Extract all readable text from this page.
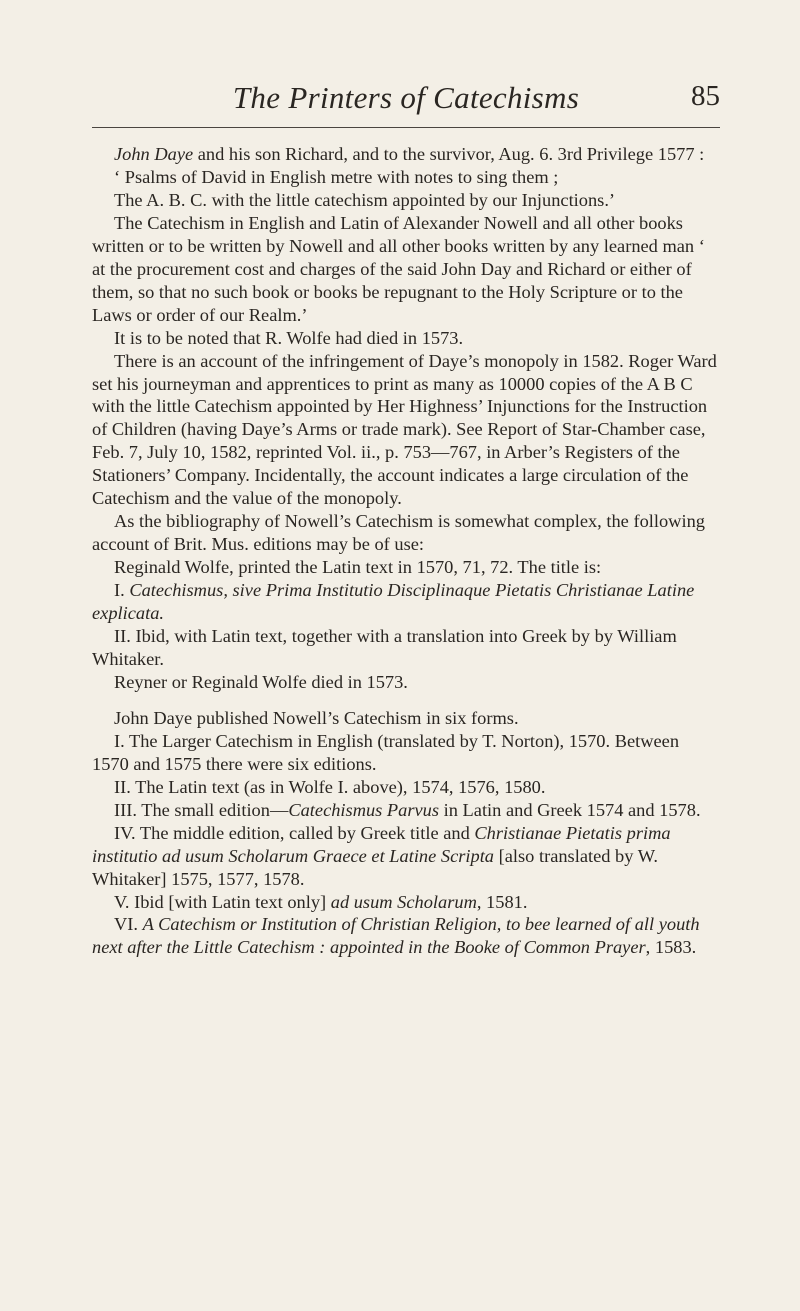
The Printers of Catechisms	85

John Daye and his son Richard, and to the survivor, Aug. 6. 3rd Privilege 1577 :

‘ Psalms of David in English metre with notes to sing them ;

The A. B. C. with the little catechism appointed by our Injunctions.’

The Catechism in English and Latin of Alexander Nowell and all other books written or to be written by Nowell and all other books written by any learned man ‘ at the procurement cost and charges of the said John Day and Richard or either of them, so that no such book or books be repugnant to the Holy Scripture or to the Laws or order of our Realm.’

It is to be noted that R. Wolfe had died in 1573.

There is an account of the infringement of Daye’s monopoly in 1582. Roger Ward set his journeyman and apprentices to print as many as 10000 copies of the A B C with the little Catechism appointed by Her Highness’ Injunctions for the Instruction of Children (having Daye’s Arms or trade mark). See Report of Star-Chamber case, Feb. 7, July 10, 1582, reprinted Vol. ii., p. 753—767, in Arber’s Registers of the Stationers’ Company. Incidentally, the account indicates a large circulation of the Catechism and the value of the monopoly.

As the bibliography of Nowell’s Catechism is somewhat complex, the following account of Brit. Mus. editions may be of use:

Reginald Wolfe, printed the Latin text in 1570, 71, 72. The title is:

I. Catechismus, sive Prima Institutio Disciplinaque Pietatis Christianae Latine explicata.

II. Ibid, with Latin text, together with a translation into Greek by by William Whitaker.

Reyner or Reginald Wolfe died in 1573.

John Daye published Nowell’s Catechism in six forms.

I. The Larger Catechism in English (translated by T. Norton), 1570. Between 1570 and 1575 there were six editions.

II. The Latin text (as in Wolfe I. above), 1574, 1576, 1580.

III. The small edition—Catechismus Parvus in Latin and Greek 1574 and 1578.

IV. The middle edition, called by Greek title and Christianae Pietatis prima institutio ad usum Scholarum Graece et Latine Scripta [also translated by W. Whitaker] 1575, 1577, 1578.

V. Ibid [with Latin text only] ad usum Scholarum, 1581.

VI. A Catechism or Institution of Christian Religion, to bee learned of all youth next after the Little Catechism : appointed in the Booke of Common Prayer, 1583.
